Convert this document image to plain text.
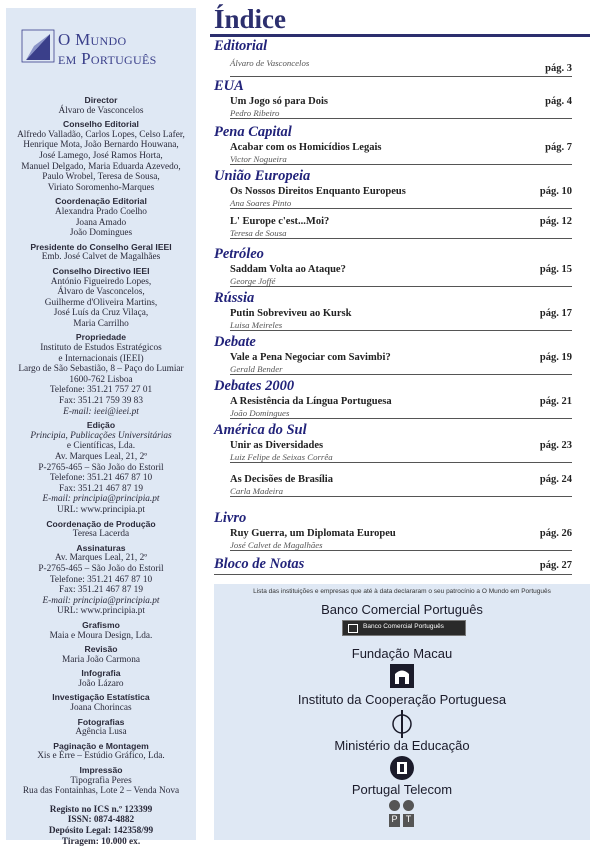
O Mundo
em Português
Director
Álvaro de Vasconcelos
Conselho Editorial
Alfredo Valladão, Carlos Lopes, Celso Lafer,
Henrique Mota, João Bernardo Houwana,
José Lamego, José Ramos Horta,
Manuel Delgado, Maria Eduarda Azevedo,
Paulo Wrobel, Teresa de Sousa,
Viriato Soromenho-Marques
Coordenação Editorial
Alexandra Prado Coelho
Joana Amado
João Domingues
Presidente do Conselho Geral IEEI
Emb. José Calvet de Magalhães
Conselho Directivo IEEI
António Figueiredo Lopes,
Álvaro de Vasconcelos,
Guilherme d'Oliveira Martins,
José Luís da Cruz Vilaça,
Maria Carrilho
Propriedade
Instituto de Estudos Estratégicos
e Internacionais (IEEI)
Largo de São Sebastião, 8 – Paço do Lumiar
1600-762 Lisboa
Telefone: 351.21 757 27 01
Fax: 351.21 759 39 83
E-mail: ieei@ieei.pt
Edição
Principia, Publicações Universitárias
e Científicas, Lda.
Av. Marques Leal, 21, 2º
P-2765-465 – São João do Estoril
Telefone: 351.21 467 87 10
Fax: 351.21 467 87 19
E-mail: principia@principia.pt
URL: www.principia.pt
Coordenação de Produção
Teresa Lacerda
Assinaturas
Av. Marques Leal, 21, 2º
P-2765-465 – São João do Estoril
Telefone: 351.21 467 87 10
Fax: 351.21 467 87 19
E-mail: principia@principia.pt
URL: www.principia.pt
Grafismo
Maia e Moura Design, Lda.
Revisão
Maria João Carmona
Infografia
João Lázaro
Investigação Estatística
Joana Chorincas
Fotografias
Agência Lusa
Paginação e Montagem
Xis e Érre – Estúdio Gráfico, Lda.
Impressão
Tipografia Peres
Rua das Fontainhas, Lote 2 – Venda Nova
Registo no ICS n.º 123399
ISSN: 0874-4882
Depósito Legal: 142358/99
Tiragem: 10.000 ex.
Índice
Editorial
Álvaro de Vasconcelos	pág. 3
EUA
Um Jogo só para Dois
Pedro Ribeiro
pág. 4
Pena Capital
Acabar com os Homicídios Legais
Victor Nogueira
pág. 7
União Europeia
Os Nossos Direitos Enquanto Europeus
Ana Soares Pinto
pág. 10
L' Europe c'est...Moi?
Teresa de Sousa
pág. 12
Petróleo
Saddam Volta ao Ataque?
George Joffé
pág. 15
Rússia
Putin Sobreviveu ao Kursk
Luisa Meireles
pág. 17
Debate
Vale a Pena Negociar com Savimbi?
Gerald Bender
pág. 19
Debates 2000
A Resistência da Língua Portuguesa
João Domingues
pág. 21
América do Sul
Unir as Diversidades
Luiz Felipe de Seixas Corrêa
pág. 23
As Decisões de Brasília
Carla Madeira
pág. 24
Livro
Ruy Guerra, um Diplomata Europeu
José Calvet de Magalhães
pág. 26
Bloco de Notas	pág. 27
Lista das instituições e empresas que até à data declararam o seu patrocínio a O Mundo em Português
Banco Comercial Português
Banco Comercial Português
Fundação Macau
Instituto da Cooperação Portuguesa
Ministério da Educação
Portugal Telecom
P T
